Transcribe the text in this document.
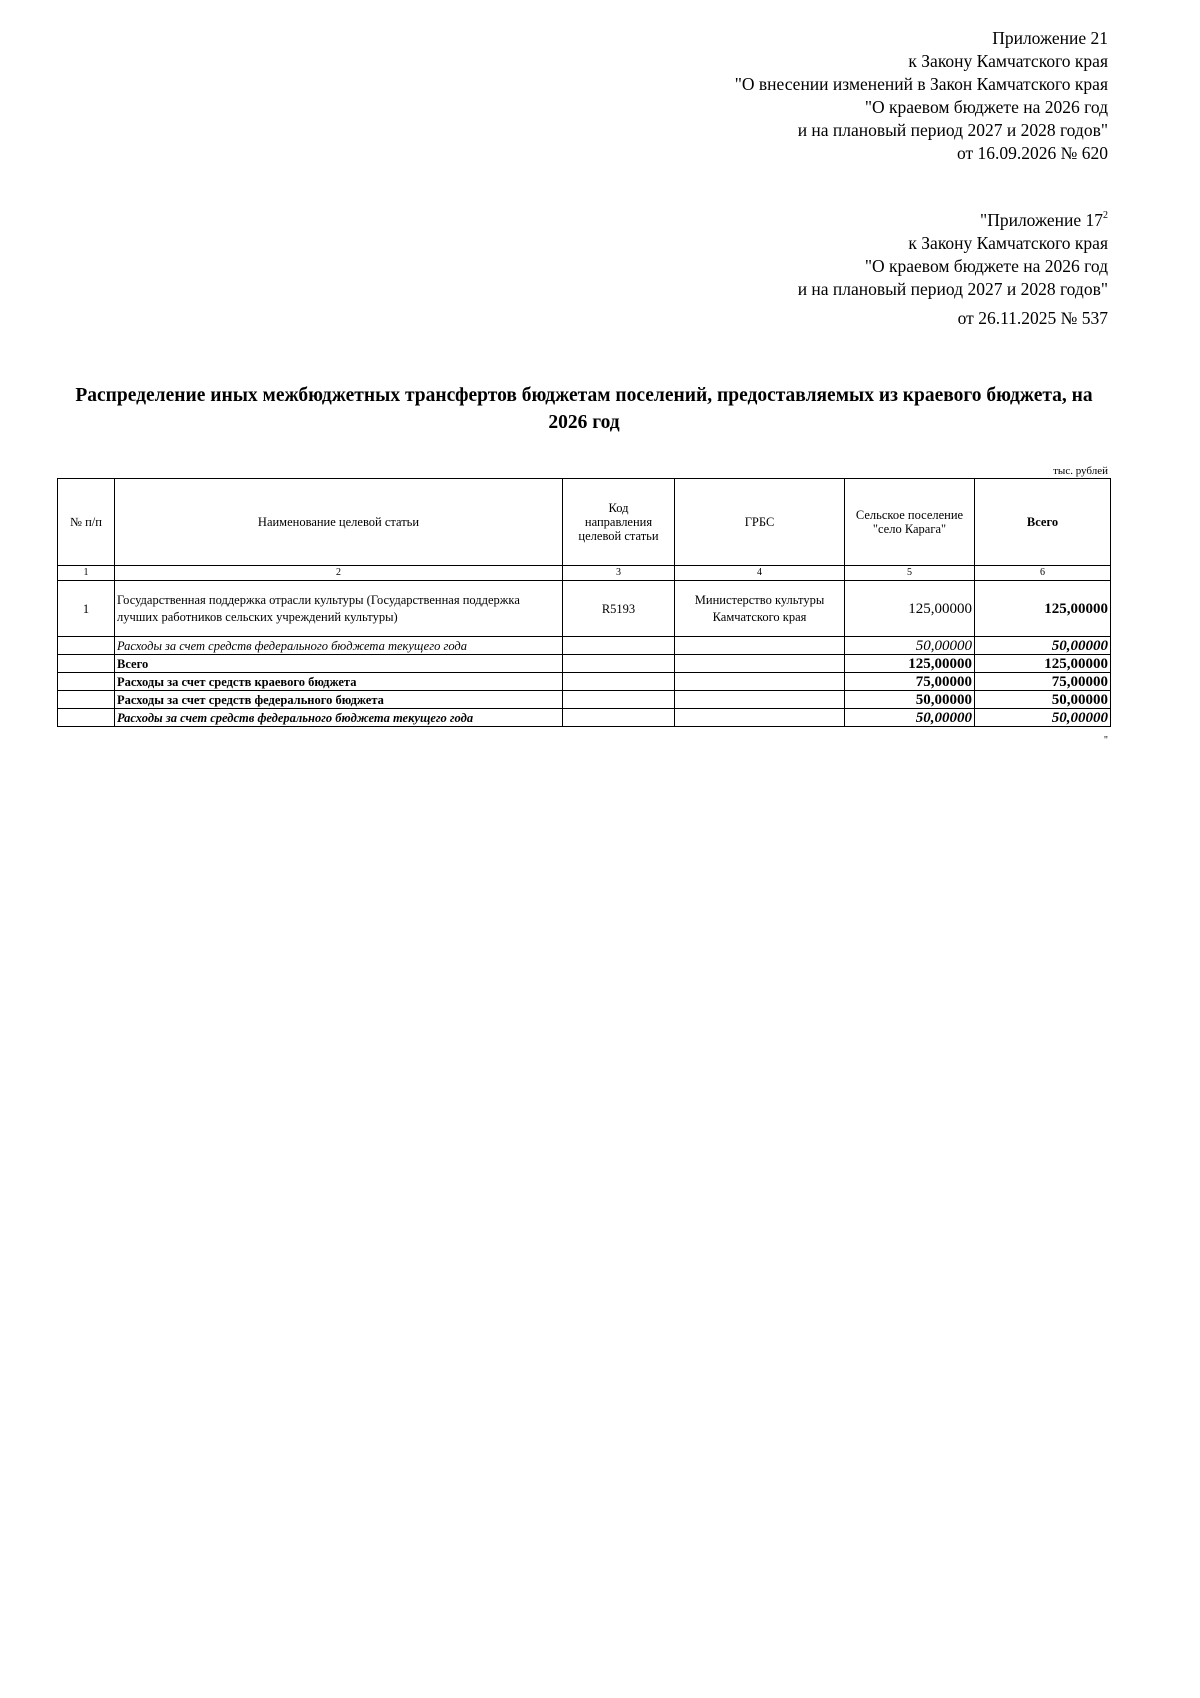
Приложение 21
к Закону Камчатского края
"О внесении изменений в Закон Камчатского края
"О краевом бюджете на 2026 год
и на плановый период 2027 и 2028 годов"
от 16.09.2026 № 620
"Приложение $17^2$
к Закону Камчатского края
"О краевом бюджете на 2026 год
и на плановый период 2027 и 2028 годов"
от 26.11.2025 № 537
Распределение иных межбюджетных трансфертов бюджетам поселений, предоставляемых из краевого бюджета, на 2026 год
тыс. рублей
№ п/п	Наименование целевой статьи	Код направления целевой статьи	ГРБС	Сельское поселение "село Карага"	Всего
1	2	3	4	5	6
1	Государственная поддержка отрасли культуры (Государственная поддержка лучших работников сельских учреждений культуры)	R5193	Министерство культуры Камчатского края	125,00000	125,00000
	Расходы за счет средств федерального бюджета текущего года			50,00000	50,00000
	Всего			125,00000	125,00000
	Расходы за счет средств краевого бюджета			75,00000	75,00000
	Расходы за счет средств федерального бюджета			50,00000	50,00000
	Расходы за счет средств федерального бюджета текущего года			50,00000	50,00000
"
